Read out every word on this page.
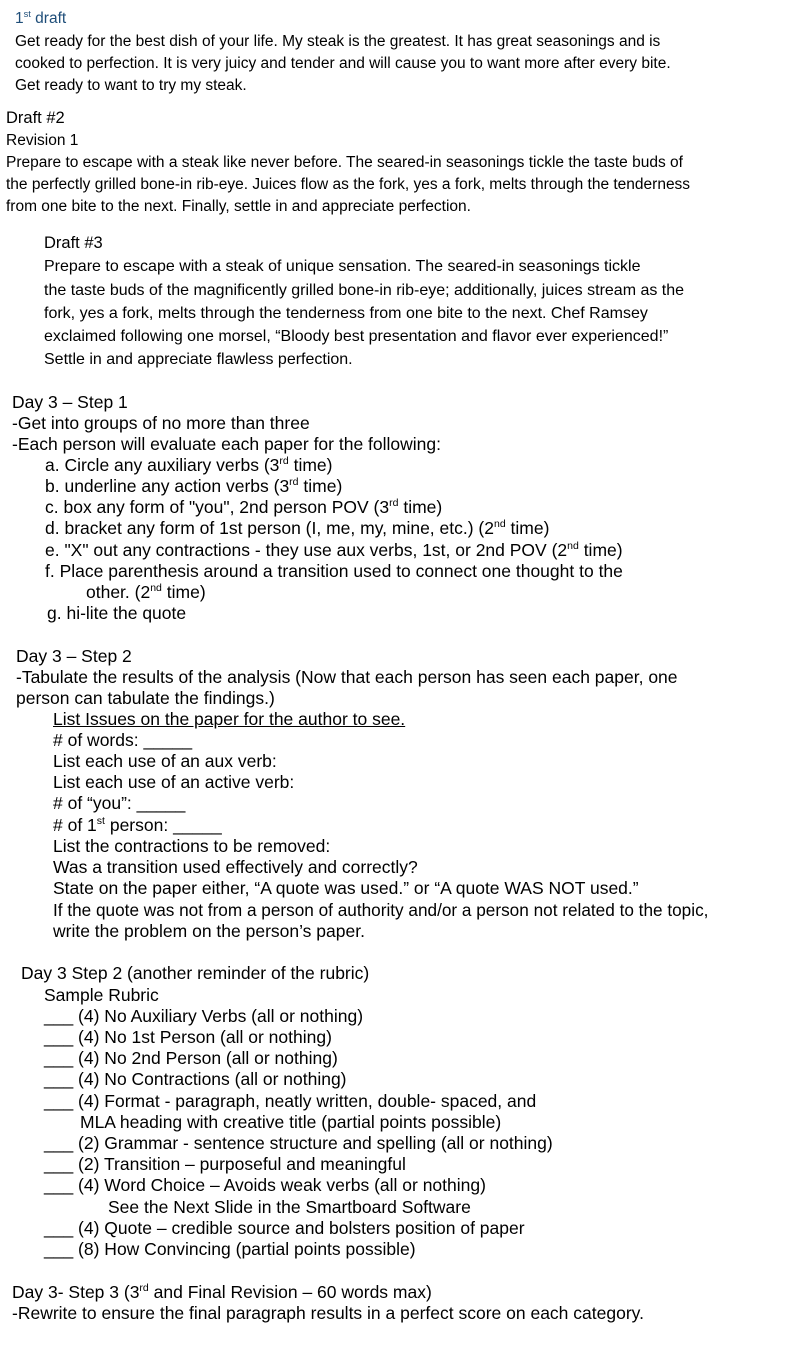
1st draft
Get ready for the best dish of your life. My steak is the greatest. It has great seasonings and is
cooked to perfection. It is very juicy and tender and will cause you to want more after every bite.
Get ready to want to try my steak.
Draft #2
Revision 1
Prepare to escape with a steak like never before. The seared-in seasonings tickle the taste buds of
the perfectly grilled bone-in rib-eye. Juices flow as the fork, yes a fork, melts through the tenderness
from one bite to the next. Finally, settle in and appreciate perfection.
Draft #3
Prepare to escape with a steak of unique sensation. The seared-in seasonings tickle
the taste buds of the magnificently grilled bone-in rib-eye; additionally, juices stream as the
fork, yes a fork, melts through the tenderness from one bite to the next. Chef Ramsey
exclaimed following one morsel, “Bloody best presentation and flavor ever experienced!”
Settle in and appreciate flawless perfection.
Day 3 – Step 1
-Get into groups of no more than three
-Each person will evaluate each paper for the following:
a. Circle any auxiliary verbs (3rd time)
b. underline any action verbs (3rd time)
c. box any form of "you", 2nd person POV (3rd time)
d. bracket any form of 1st person (I, me, my, mine, etc.) (2nd time)
e. "X" out any contractions - they use aux verbs, 1st, or 2nd POV (2nd time)
f. Place parenthesis around a transition used to connect one thought to the
other. (2nd time)
g. hi-lite the quote
Day 3 – Step 2
-Tabulate the results of the analysis (Now that each person has seen each paper, one
person can tabulate the findings.)
List Issues on the paper for the author to see.
# of words: _____
List each use of an aux verb:
List each use of an active verb:
# of “you”: _____
# of 1st person: _____
List the contractions to be removed:
Was a transition used effectively and correctly?
State on the paper either, “A quote was used.” or “A quote WAS NOT used.”
If the quote was not from a person of authority and/or a person not related to the topic,
write the problem on the person’s paper.
Day 3 Step 2 (another reminder of the rubric)
Sample Rubric
___ (4) No Auxiliary Verbs (all or nothing)
___ (4) No 1st Person (all or nothing)
___ (4) No 2nd Person (all or nothing)
___ (4) No Contractions (all or nothing)
___ (4) Format - paragraph, neatly written, double- spaced, and
MLA heading with creative title (partial points possible)
___ (2) Grammar - sentence structure and spelling (all or nothing)
___ (2) Transition – purposeful and meaningful
___ (4) Word Choice – Avoids weak verbs (all or nothing)
See the Next Slide in the Smartboard Software
___ (4) Quote – credible source and bolsters position of paper
___ (8) How Convincing (partial points possible)
Day 3- Step 3 (3rd and Final Revision – 60 words max)
-Rewrite to ensure the final paragraph results in a perfect score on each category.
